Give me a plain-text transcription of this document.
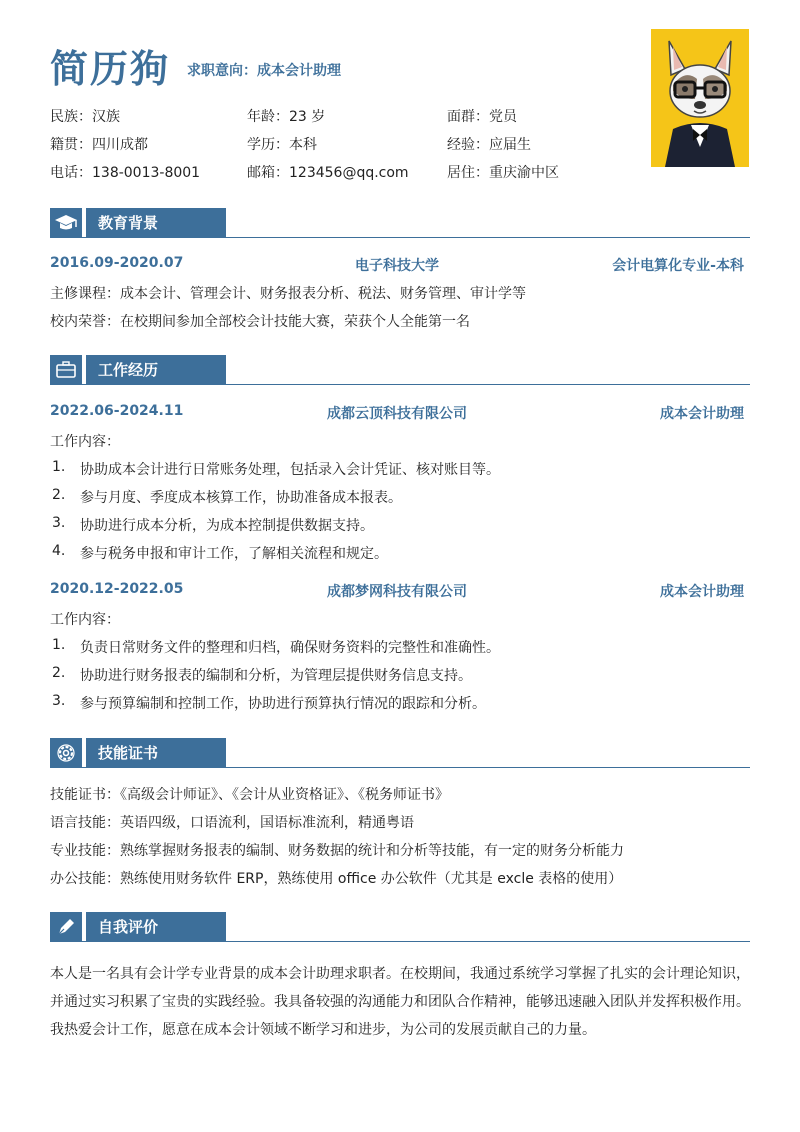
简历狗 求职意向：成本会计助理
民族：汉族	年龄：23 岁	面群：党员
籍贯：四川成都	学历：本科	经验：应届生
电话：138-0013-8001	邮箱：123456@qq.com	居住：重庆渝中区
教育背景
2016.09-2020.07	电子科技大学	会计电算化专业-本科
主修课程：成本会计、管理会计、财务报表分析、税法、财务管理、审计学等
校内荣誉：在校期间参加全部校会计技能大赛，荣获个人全能第一名
工作经历
2022.06-2024.11	成都云顶科技有限公司	成本会计助理
工作内容：
1. 协助成本会计进行日常账务处理，包括录入会计凭证、核对账目等。
2. 参与月度、季度成本核算工作，协助准备成本报表。
3. 协助进行成本分析，为成本控制提供数据支持。
4. 参与税务申报和审计工作，了解相关流程和规定。
2020.12-2022.05	成都梦网科技有限公司	成本会计助理
工作内容：
1. 负责日常财务文件的整理和归档，确保财务资料的完整性和准确性。
2. 协助进行财务报表的编制和分析，为管理层提供财务信息支持。
3. 参与预算编制和控制工作，协助进行预算执行情况的跟踪和分析。
技能证书
技能证书：《高级会计师证》、《会计从业资格证》、《税务师证书》
语言技能：英语四级，口语流利，国语标准流利，精通粤语
专业技能：熟练掌握财务报表的编制、财务数据的统计和分析等技能，有一定的财务分析能力
办公技能：熟练使用财务软件 ERP，熟练使用 office 办公软件（尤其是 excle 表格的使用）
自我评价
本人是一名具有会计学专业背景的成本会计助理求职者。在校期间，我通过系统学习掌握了扎实的会计理论知识，并通过实习积累了宝贵的实践经验。我具备较强的沟通能力和团队合作精神，能够迅速融入团队并发挥积极作用。我热爱会计工作，愿意在成本会计领域不断学习和进步，为公司的发展贡献自己的力量。
